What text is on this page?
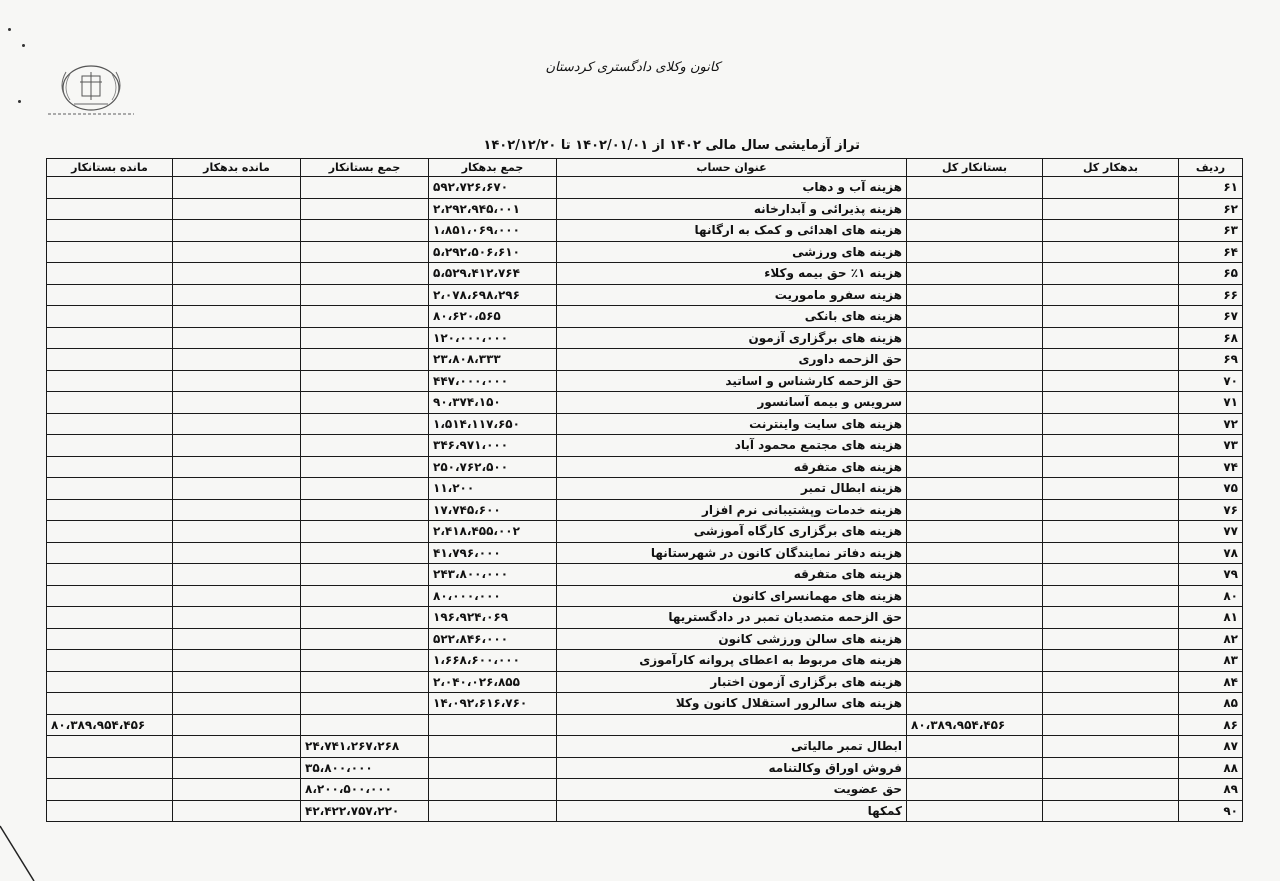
کانون وکلای دادگستری کردستان
تراز آزمایشی سال مالی ۱۴۰۲ از ۱۴۰۲/۰۱/۰۱ تا ۱۴۰۲/۱۲/۲۰
ردیف	بدهکار کل	بستانکار کل	عنوان حساب	جمع بدهکار	جمع بستانکار	مانده بدهکار	مانده بستانکار
۶۱			هزینه آب و دهاب	۵۹۲،۷۲۶،۶۷۰			
۶۲			هزینه پذیرائی و آبدارخانه	۲،۲۹۲،۹۴۵،۰۰۱			
۶۳			هزینه های اهدائی و کمک به ارگانها	۱،۸۵۱،۰۶۹،۰۰۰			
۶۴			هزینه های ورزشی	۵،۲۹۲،۵۰۶،۶۱۰			
۶۵			هزینه ۱٪ حق بیمه وکلاء	۵،۵۲۹،۴۱۲،۷۶۴			
۶۶			هزینه سفرو ماموریت	۲،۰۷۸،۶۹۸،۲۹۶			
۶۷			هزینه های بانکی	۸۰،۶۲۰،۵۶۵			
۶۸			هزینه های برگزاری آزمون	۱۲۰،۰۰۰،۰۰۰			
۶۹			حق الزحمه داوری	۲۳،۸۰۸،۳۳۳			
۷۰			حق الزحمه کارشناس و اساتید	۴۴۷،۰۰۰،۰۰۰			
۷۱			سرویس و بیمه آسانسور	۹۰،۳۷۴،۱۵۰			
۷۲			هزینه های سایت واینترنت	۱،۵۱۴،۱۱۷،۶۵۰			
۷۳			هزینه های مجتمع محمود آباد	۳۴۶،۹۷۱،۰۰۰			
۷۴			هزینه های متفرقه	۲۵۰،۷۶۲،۵۰۰			
۷۵			هزینه ابطال تمبر	۱۱،۲۰۰			
۷۶			هزینه خدمات وپشتیبانی نرم افزار	۱۷،۷۴۵،۶۰۰			
۷۷			هزینه های برگزاری کارگاه آموزشی	۲،۴۱۸،۴۵۵،۰۰۲			
۷۸			هزینه دفاتر نمایندگان کانون در شهرستانها	۴۱،۷۹۶،۰۰۰			
۷۹			هزینه های متفرقه	۲۴۳،۸۰۰،۰۰۰			
۸۰			هزینه های مهمانسرای کانون	۸۰،۰۰۰،۰۰۰			
۸۱			حق الزحمه متصدیان تمبر در دادگستریها	۱۹۶،۹۲۴،۰۶۹			
۸۲			هزینه های سالن ورزشی کانون	۵۲۲،۸۴۶،۰۰۰			
۸۳			هزینه های مربوط به اعطای پروانه کارآموزی	۱،۶۶۸،۶۰۰،۰۰۰			
۸۴			هزینه های برگزاری آزمون اختبار	۲،۰۴۰،۰۲۶،۸۵۵			
۸۵			هزینه های سالرور استقلال کانون وکلا	۱۴،۰۹۲،۶۱۶،۷۶۰			
۸۶		۸۰،۳۸۹،۹۵۴،۴۵۶					۸۰،۳۸۹،۹۵۴،۴۵۶
۸۷			ابطال تمبر مالیاتی		۲۴،۷۴۱،۲۶۷،۲۶۸		
۸۸			فروش اوراق وکالتنامه		۳۵،۸۰۰،۰۰۰		
۸۹			حق عضویت		۸،۲۰۰،۵۰۰،۰۰۰		
۹۰			کمکها		۴۲،۴۲۲،۷۵۷،۲۲۰		
